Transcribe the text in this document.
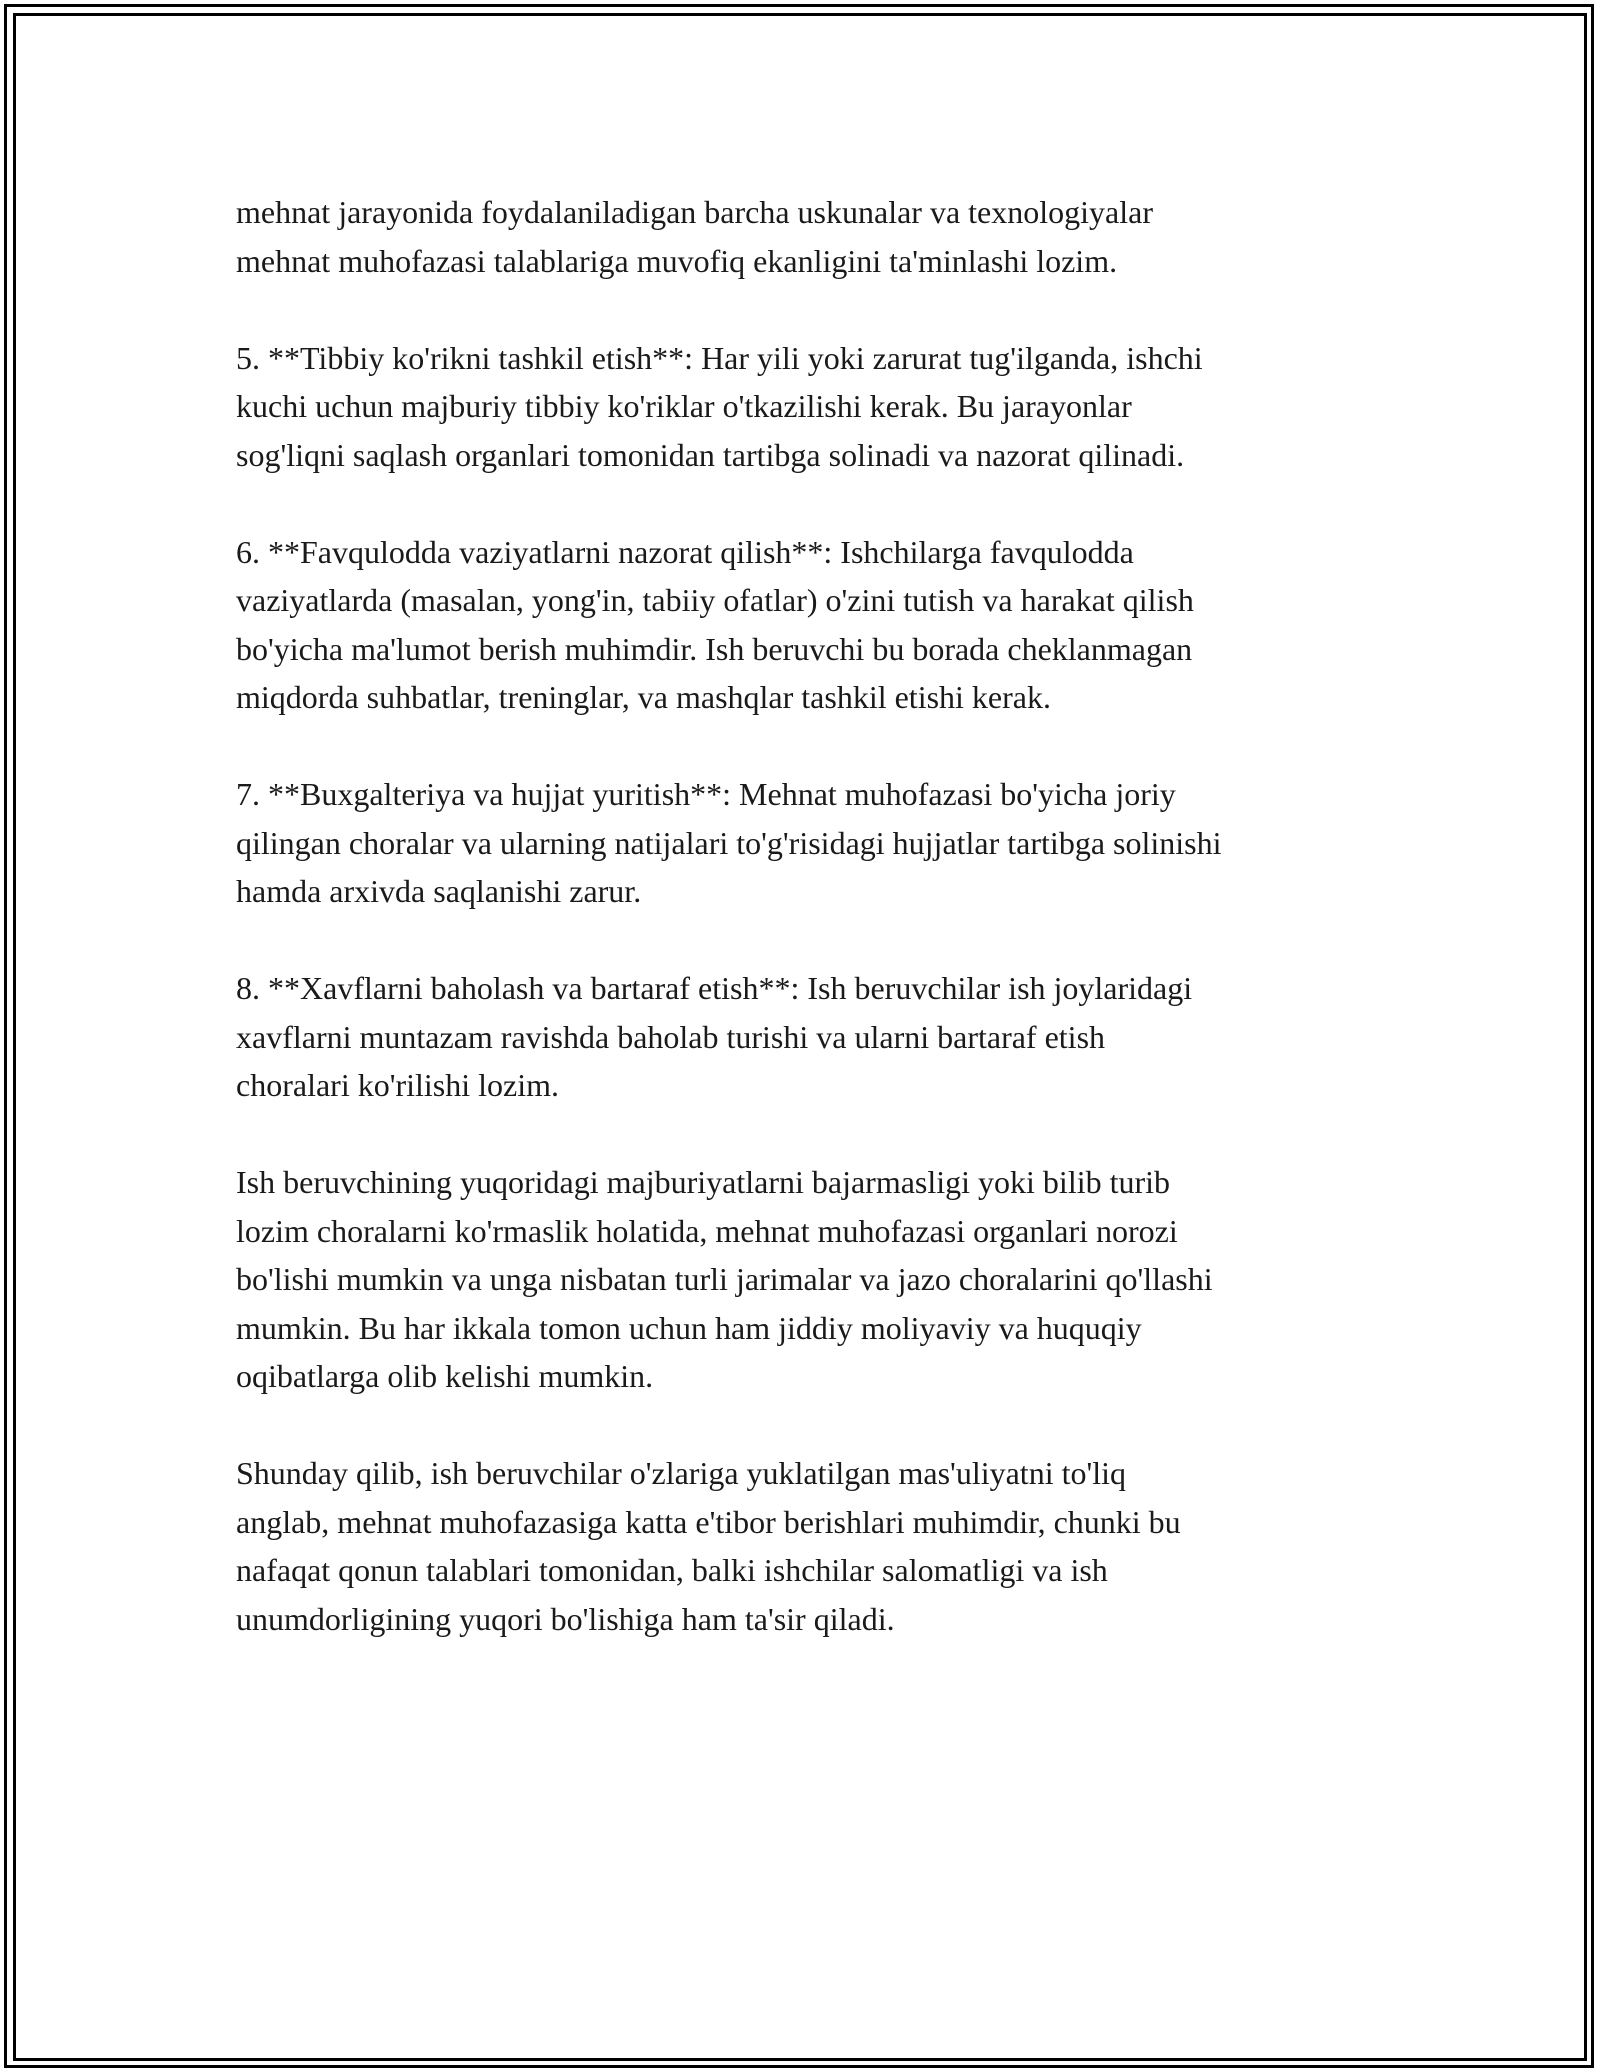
mehnat jarayonida foydalaniladigan barcha uskunalar va texnologiyalar
mehnat muhofazasi talablariga muvofiq ekanligini ta'minlashi lozim.

5. **Tibbiy ko'rikni tashkil etish**: Har yili yoki zarurat tug'ilganda, ishchi
kuchi uchun majburiy tibbiy ko'riklar o'tkazilishi kerak. Bu jarayonlar
sog'liqni saqlash organlari tomonidan tartibga solinadi va nazorat qilinadi.

6. **Favqulodda vaziyatlarni nazorat qilish**: Ishchilarga favqulodda
vaziyatlarda (masalan, yong'in, tabiiy ofatlar) o'zini tutish va harakat qilish
bo'yicha ma'lumot berish muhimdir. Ish beruvchi bu borada cheklanmagan
miqdorda suhbatlar, treninglar, va mashqlar tashkil etishi kerak.

7. **Buxgalteriya va hujjat yuritish**: Mehnat muhofazasi bo'yicha joriy
qilingan choralar va ularning natijalari to'g'risidagi hujjatlar tartibga solinishi
hamda arxivda saqlanishi zarur.

8. **Xavflarni baholash va bartaraf etish**: Ish beruvchilar ish joylaridagi
xavflarni muntazam ravishda baholab turishi va ularni bartaraf etish
choralari ko'rilishi lozim.

Ish beruvchining yuqoridagi majburiyatlarni bajarmasligi yoki bilib turib
lozim choralarni ko'rmaslik holatida, mehnat muhofazasi organlari norozi
bo'lishi mumkin va unga nisbatan turli jarimalar va jazo choralarini qo'llashi
mumkin. Bu har ikkala tomon uchun ham jiddiy moliyaviy va huquqiy
oqibatlarga olib kelishi mumkin.

Shunday qilib, ish beruvchilar o'zlariga yuklatilgan mas'uliyatni to'liq
anglab, mehnat muhofazasiga katta e'tibor berishlari muhimdir, chunki bu
nafaqat qonun talablari tomonidan, balki ishchilar salomatligi va ish
unumdorligining yuqori bo'lishiga ham ta'sir qiladi.
